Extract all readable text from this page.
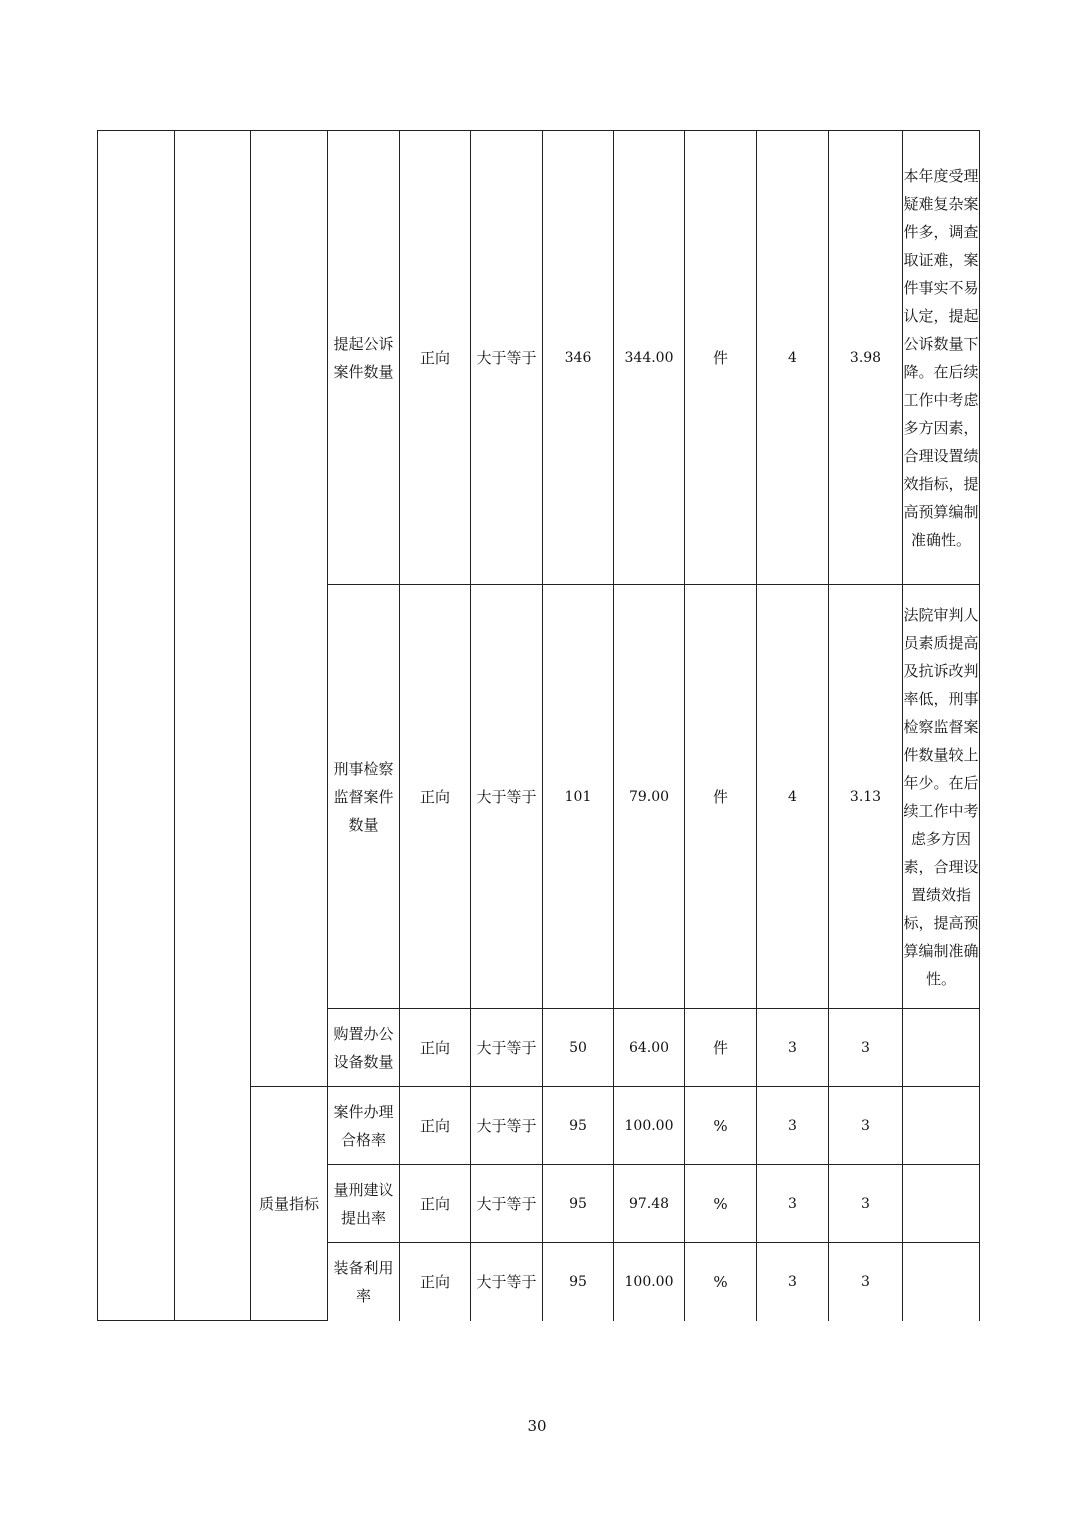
			提起公诉案件数量	正向	大于等于	346	344.00	件	4	3.98	本年度受理疑难复杂案件多，调查取证难，案件事实不易认定，提起公诉数量下降。在后续工作中考虑多方因素，合理设置绩效指标，提高预算编制准确性。
			刑事检察监督案件数量	正向	大于等于	101	79.00	件	4	3.13	法院审判人员素质提高及抗诉改判率低，刑事检察监督案件数量较上年少。在后续工作中考虑多方因素，合理设置绩效指标，提高预算编制准确性。
			购置办公设备数量	正向	大于等于	50	64.00	件	3	3	
		质量指标	案件办理合格率	正向	大于等于	95	100.00	%	3	3	
			量刑建议提出率	正向	大于等于	95	97.48	%	3	3	
			装备利用率	正向	大于等于	95	100.00	%	3	3	
30
